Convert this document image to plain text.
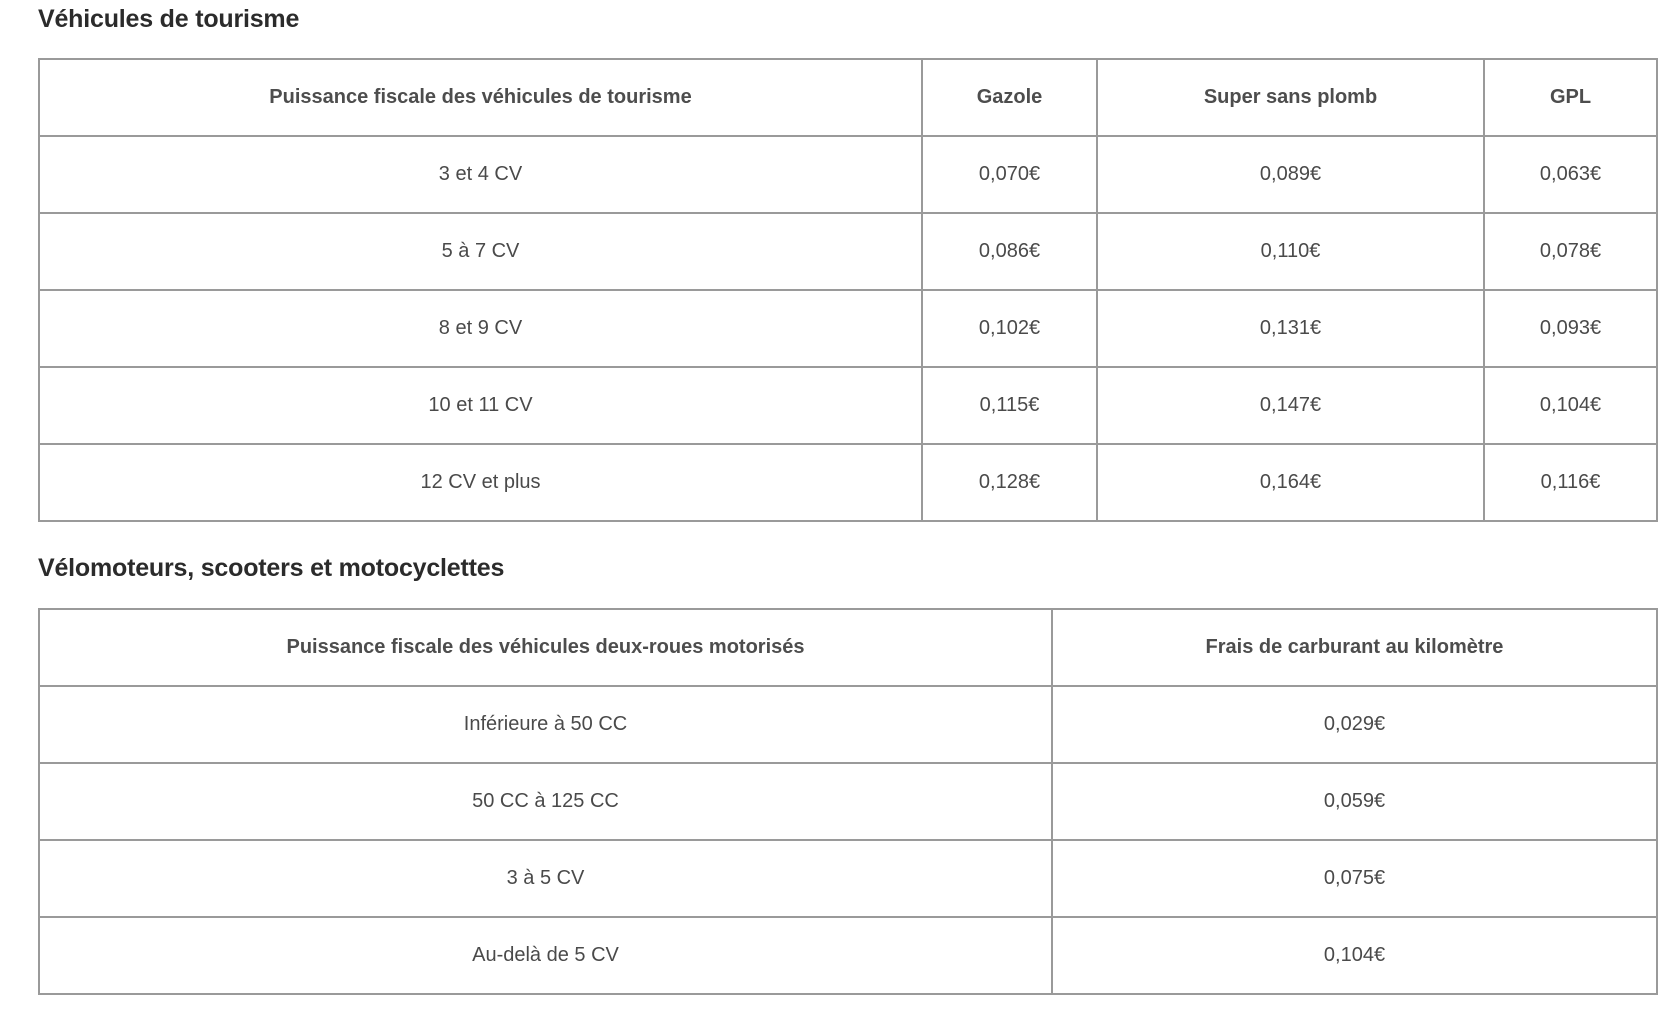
Véhicules de tourisme
Puissance fiscale des véhicules de tourisme	Gazole	Super sans plomb	GPL
3 et 4 CV	0,070€	0,089€	0,063€
5 à 7 CV	0,086€	0,110€	0,078€
8 et 9 CV	0,102€	0,131€	0,093€
10 et 11 CV	0,115€	0,147€	0,104€
12 CV et plus	0,128€	0,164€	0,116€
Vélomoteurs, scooters et motocyclettes
Puissance fiscale des véhicules deux-roues motorisés	Frais de carburant au kilomètre
Inférieure à 50 CC	0,029€
50 CC à 125 CC	0,059€
3 à 5 CV	0,075€
Au-delà de 5 CV	0,104€
